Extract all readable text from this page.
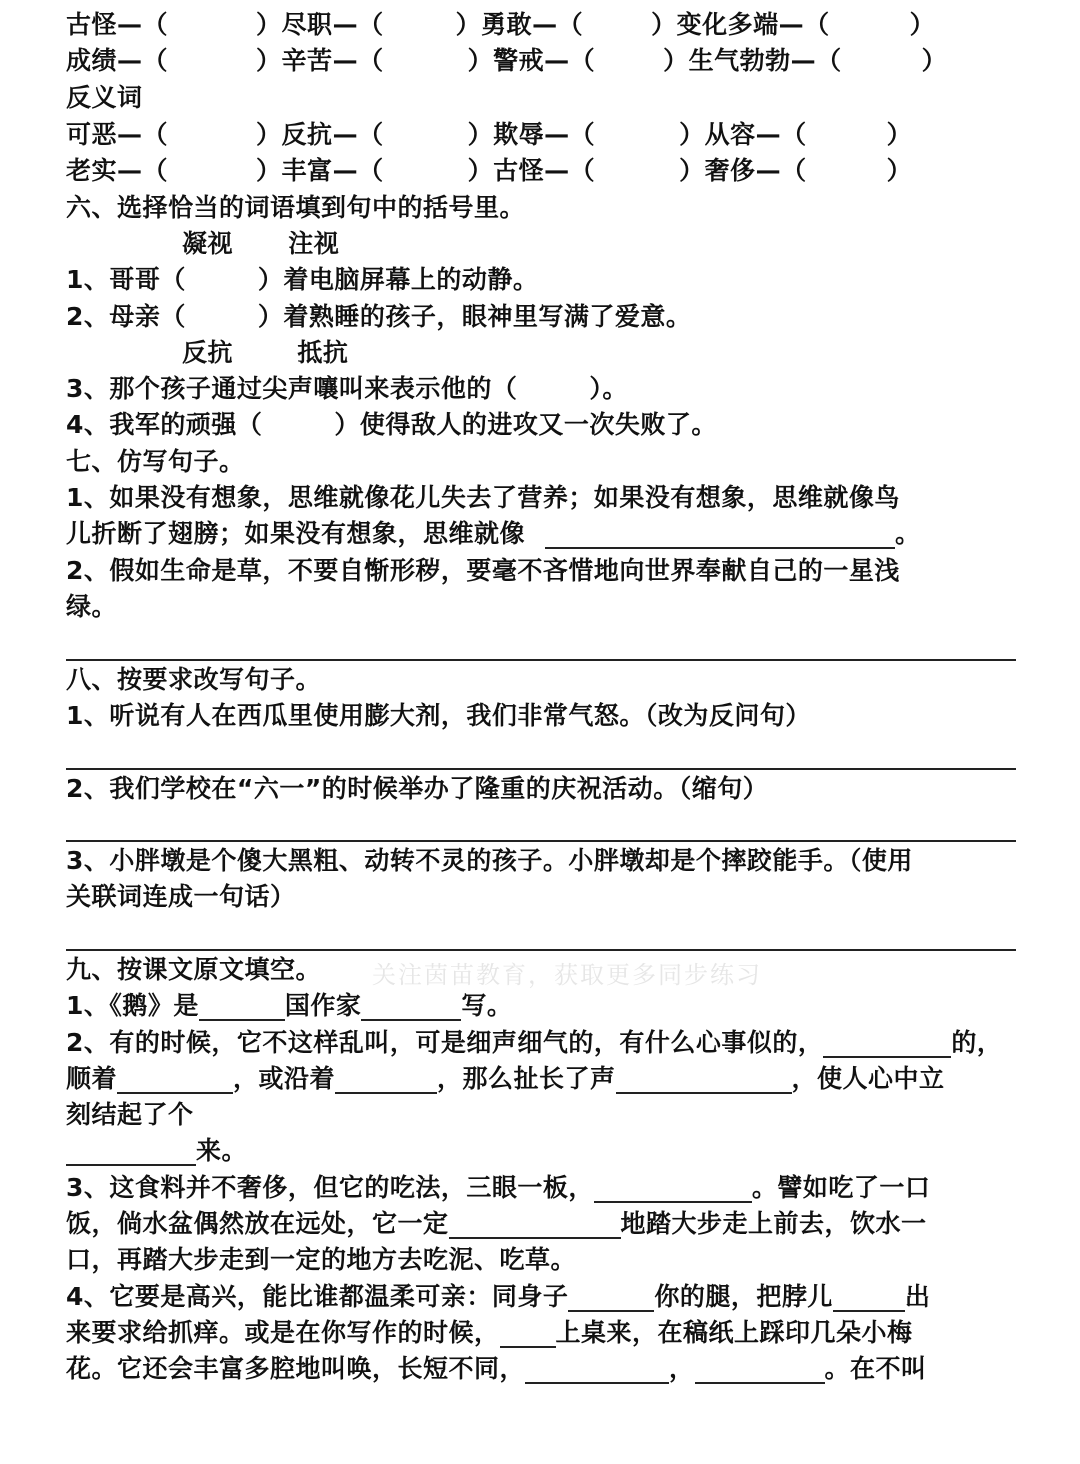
古怪—（	）尽职—（	）勇敢—（	）变化多端—（	）
成绩—（	）辛苦—（	）警戒—（	）生气勃勃—（	）
反义词
可恶—（	）反抗—（	）欺辱—（	）从容—（	）
老实—（	）丰富—（	）古怪—（	）奢侈—（	）
六、选择恰当的词语填到句中的括号里。
凝视      注视
1、哥哥（	）着电脑屏幕上的动静。
2、母亲（	）着熟睡的孩子，眼神里写满了爱意。
反抗       抵抗
3、那个孩子通过尖声嚷叫来表示他的（	）。
4、我军的顽强（	）使得敌人的进攻又一次失败了。
七、仿写句子。
1、如果没有想象，思维就像花儿失去了营养；如果没有想象，思维就像鸟
儿折断了翅膀；如果没有想象，思维就像	。
2、假如生命是草，不要自惭形秽，要毫不吝惜地向世界奉献自己的一星浅
绿。
八、按要求改写句子。
1、听说有人在西瓜里使用膨大剂，我们非常气怒。（改为反问句）
2、我们学校在“六一”的时候举办了隆重的庆祝活动。（缩句）
3、小胖墩是个傻大黑粗、动转不灵的孩子。小胖墩却是个摔跤能手。（使用
关联词连成一句话）
九、按课文原文填空。 关注茵苗教育，获取更多同步练习
1、《鹅》是	国作家	写。
2、有的时候，它不这样乱叫，可是细声细气的，有什么心事似的，	的，
顺着	，或沿着	，那么扯长了声	，使人心中立
刻结起了个
来。
3、这食料并不奢侈，但它的吃法，三眼一板，	。譬如吃了一口
饭，倘水盆偶然放在远处，它一定	地踏大步走上前去，饮水一
口，再踏大步走到一定的地方去吃泥、吃草。
4、它要是高兴，能比谁都温柔可亲：同身子	你的腿，把脖儿	出
来要求给抓痒。或是在你写作的时候， 上桌来，在稿纸上踩印几朵小梅
花。它还会丰富多腔地叫唤，长短不同，	，	。在不叫
